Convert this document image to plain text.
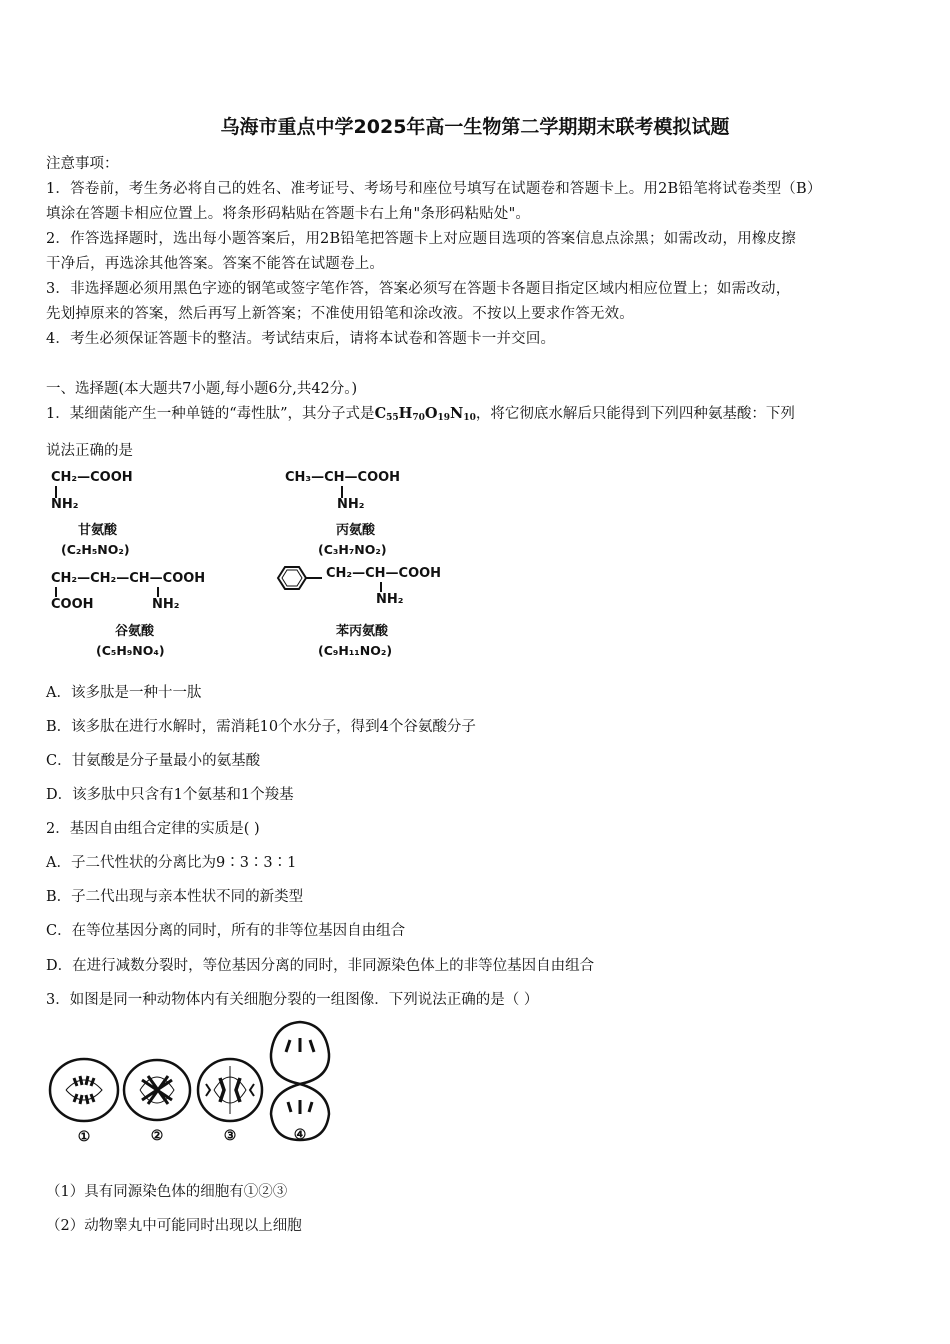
乌海市重点中学2025年高一生物第二学期期末联考模拟试题
注意事项：
1．答卷前，考生务必将自己的姓名、准考证号、考场号和座位号填写在试题卷和答题卡上。用2B铅笔将试卷类型（B）
填涂在答题卡相应位置上。将条形码粘贴在答题卡右上角"条形码粘贴处"。
2．作答选择题时，选出每小题答案后，用2B铅笔把答题卡上对应题目选项的答案信息点涂黑；如需改动，用橡皮擦
干净后，再选涂其他答案。答案不能答在试题卷上。
3．非选择题必须用黑色字迹的钢笔或签字笔作答，答案必须写在答题卡各题目指定区域内相应位置上；如需改动，
先划掉原来的答案，然后再写上新答案；不准使用铅笔和涂改液。不按以上要求作答无效。
4．考生必须保证答题卡的整洁。考试结束后，请将本试卷和答题卡一并交回。
一、选择题(本大题共7小题,每小题6分,共42分。)
1．某细菌能产生一种单链的“毒性肽”，其分子式是$C_{55}H_{70}O_{19}N_{10}$，将它彻底水解后只能得到下列四种氨基酸：下列
说法正确的是
CH₂—COOH
NH₂
甘氨酸
(C₂H₅NO₂)
CH₃—CH—COOH
NH₂
丙氨酸
(C₃H₇NO₂)
CH₂—CH₂—CH—COOH
COOH	NH₂
谷氨酸
(C₅H₉NO₄)
CH₂—CH—COOH
NH₂
苯丙氨酸
(C₉H₁₁NO₂)
A．该多肽是一种十一肽
B．该多肽在进行水解时，需消耗10个水分子，得到4个谷氨酸分子
C．甘氨酸是分子量最小的氨基酸
D．该多肽中只含有1个氨基和1个羧基
2．基因自由组合定律的实质是( )
A．子二代性状的分离比为9∶3∶3∶1
B．子二代出现与亲本性状不同的新类型
C．在等位基因分离的同时，所有的非等位基因自由组合
D．在进行减数分裂时，等位基因分离的同时，非同源染色体上的非等位基因自由组合
3．如图是同一种动物体内有关细胞分裂的一组图像．下列说法正确的是（ ）
①	②	③	④
（1）具有同源染色体的细胞有①②③
（2）动物睾丸中可能同时出现以上细胞
